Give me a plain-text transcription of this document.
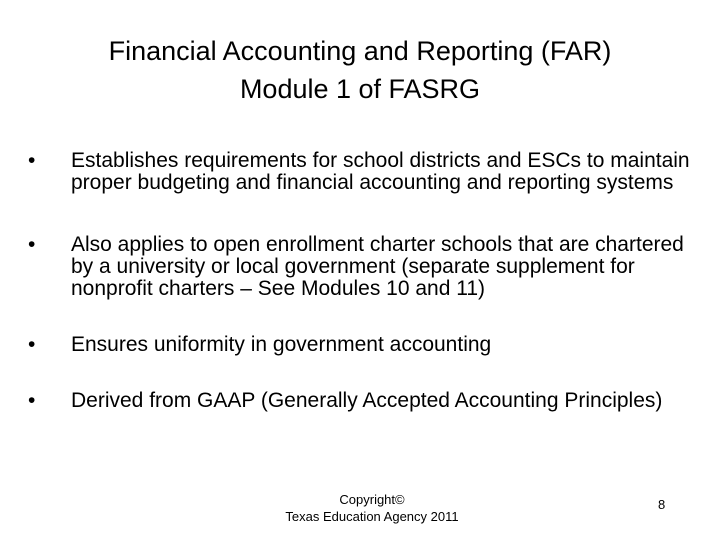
Financial Accounting and Reporting (FAR)
Module 1 of FASRG
•	Establishes requirements for school districts and ESCs to maintain proper budgeting and financial accounting and reporting systems
•	Also applies to open enrollment charter schools that are chartered by a university or local government (separate supplement for nonprofit charters – See Modules 10 and 11)
•	Ensures uniformity in government accounting
•	Derived from GAAP (Generally Accepted Accounting Principles)
Copyright©
Texas Education Agency 2011
8
